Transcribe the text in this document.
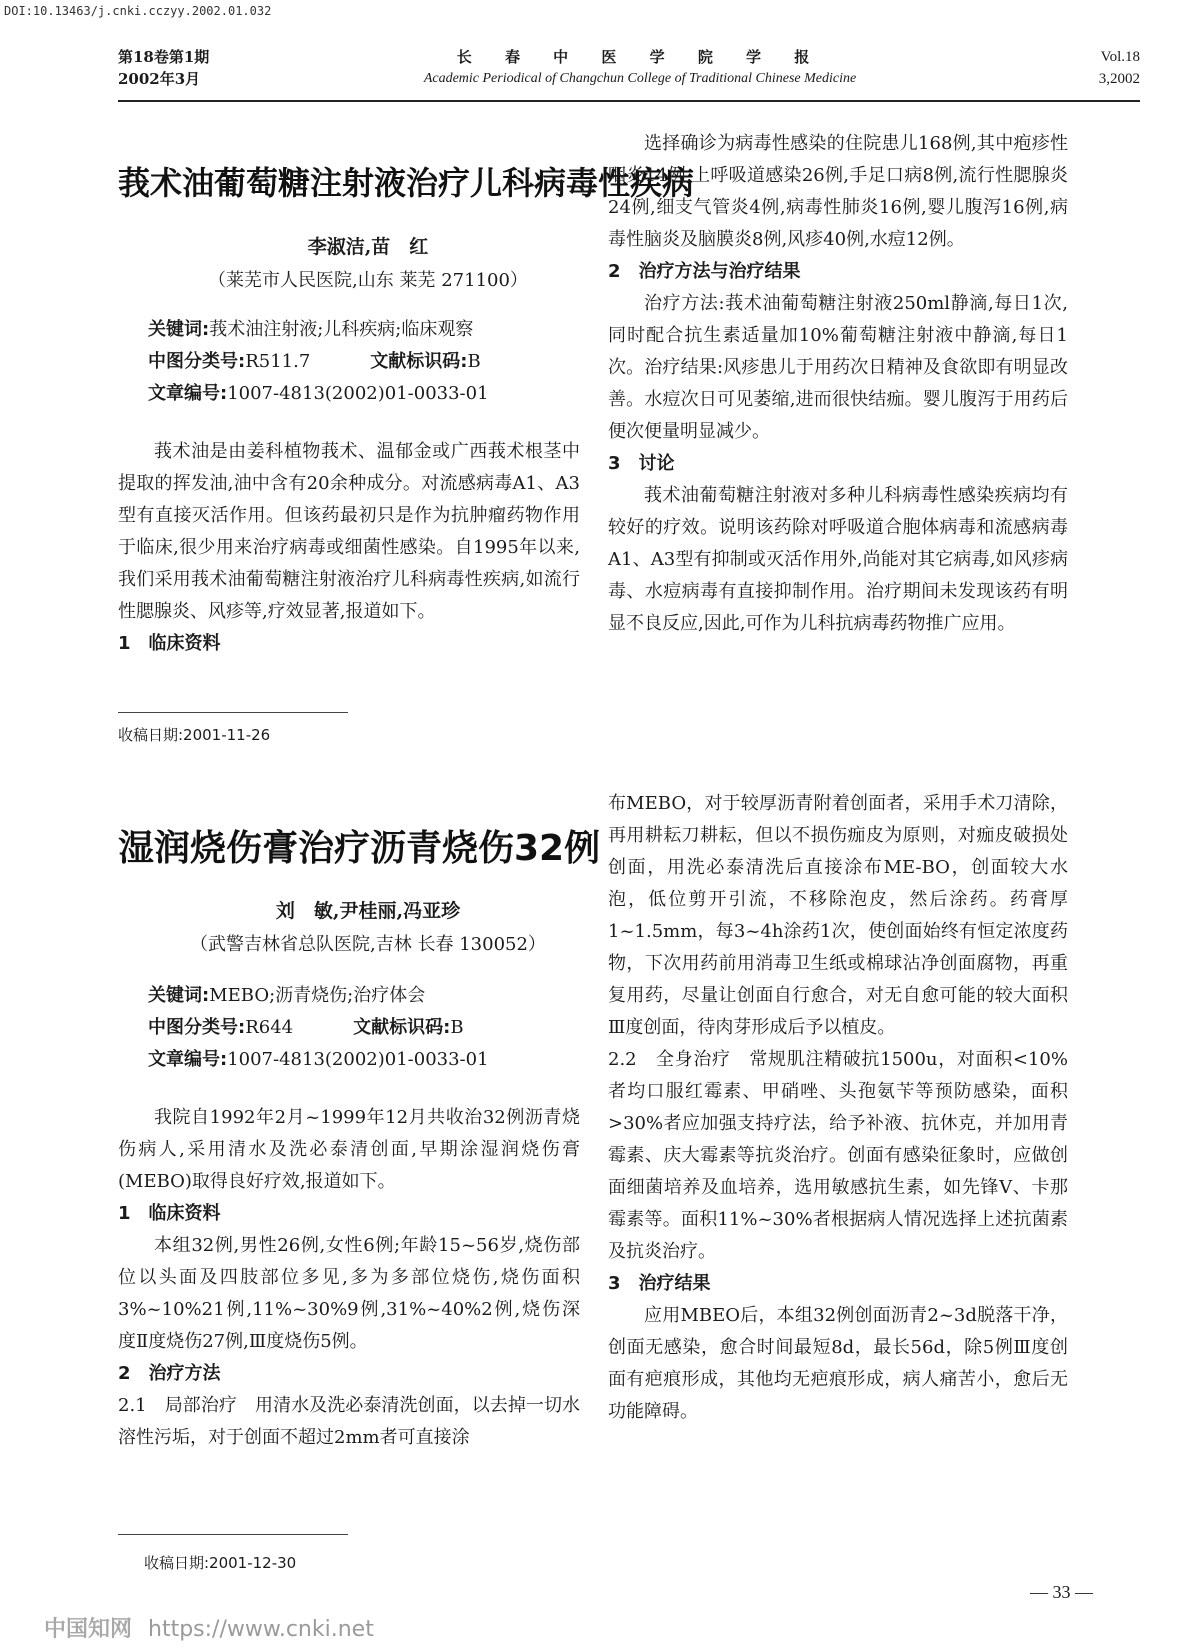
DOI:10.13463/j.cnki.cczyy.2002.01.032
第18卷第1期
2002年3月
长 春 中 医 学 院 学 报
Academic Periodical of Changchun College of Traditional Chinese Medicine
Vol.18
3,2002
莪术油葡萄糖注射液治疗儿科病毒性疾病
李淑洁,苗　红
（莱芜市人民医院,山东 莱芜 271100）
关键词:莪术油注射液;儿科疾病;临床观察
中图分类号:R511.7	文献标识码:B
文章编号:1007-4813(2002)01-0033-01

莪术油是由姜科植物莪术、温郁金或广西莪术根茎中提取的挥发油,油中含有20余种成分。对流感病毒A1、A3型有直接灭活作用。但该药最初只是作为抗肿瘤药物作用于临床,很少用来治疗病毒或细菌性感染。自1995年以来,我们采用莪术油葡萄糖注射液治疗儿科病毒性疾病,如流行性腮腺炎、风疹等,疗效显著,报道如下。

1　临床资料
收稿日期:2001-11-26

选择确诊为病毒性感染的住院患儿168例,其中疱疹性咽炎14例,上呼吸道感染26例,手足口病8例,流行性腮腺炎24例,细支气管炎4例,病毒性肺炎16例,婴儿腹泻16例,病毒性脑炎及脑膜炎8例,风疹40例,水痘12例。

2　治疗方法与治疗结果

治疗方法:莪术油葡萄糖注射液250ml静滴,每日1次,同时配合抗生素适量加10%葡萄糖注射液中静滴,每日1次。治疗结果:风疹患儿于用药次日精神及食欲即有明显改善。水痘次日可见萎缩,进而很快结痂。婴儿腹泻于用药后便次便量明显减少。

3　讨论

莪术油葡萄糖注射液对多种儿科病毒性感染疾病均有较好的疗效。说明该药除对呼吸道合胞体病毒和流感病毒A1、A3型有抑制或灭活作用外,尚能对其它病毒,如风疹病毒、水痘病毒有直接抑制作用。治疗期间未发现该药有明显不良反应,因此,可作为儿科抗病毒药物推广应用。

湿润烧伤膏治疗沥青烧伤32例
刘　敏,尹桂丽,冯亚珍
（武警吉林省总队医院,吉林 长春 130052）
关键词:MEBO;沥青烧伤;治疗体会
中图分类号:R644	文献标识码:B
文章编号:1007-4813(2002)01-0033-01

我院自1992年2月~1999年12月共收治32例沥青烧伤病人,采用清水及洗必泰清创面,早期涂湿润烧伤膏(MEBO)取得良好疗效,报道如下。

1　临床资料

本组32例,男性26例,女性6例;年龄15~56岁,烧伤部位以头面及四肢部位多见,多为多部位烧伤,烧伤面积3%~10%21例,11%~30%9例,31%~40%2例,烧伤深度Ⅱ度烧伤27例,Ⅲ度烧伤5例。

2　治疗方法

2.1　局部治疗　用清水及洗必泰清洗创面，以去掉一切水溶性污垢，对于创面不超过2mm者可直接涂

收稿日期:2001-12-30

布MEBO，对于较厚沥青附着创面者，采用手术刀清除，再用耕耘刀耕耘，但以不损伤痂皮为原则，对痂皮破损处创面，用洗必泰清洗后直接涂布ME-BO，创面较大水泡，低位剪开引流，不移除泡皮，然后涂药。药膏厚1~1.5mm，每3~4h涂药1次，使创面始终有恒定浓度药物，下次用药前用消毒卫生纸或棉球沾净创面腐物，再重复用药，尽量让创面自行愈合，对无自愈可能的较大面积Ⅲ度创面，待肉芽形成后予以植皮。

2.2　全身治疗　常规肌注精破抗1500u，对面积<10%者均口服红霉素、甲硝唑、头孢氨苄等预防感染，面积>30%者应加强支持疗法，给予补液、抗休克，并加用青霉素、庆大霉素等抗炎治疗。创面有感染征象时，应做创面细菌培养及血培养，选用敏感抗生素，如先锋Ⅴ、卡那霉素等。面积11%~30%者根据病人情况选择上述抗菌素及抗炎治疗。

3　治疗结果

应用MBEO后，本组32例创面沥青2~3d脱落干净，创面无感染，愈合时间最短8d，最长56d，除5例Ⅲ度创面有疤痕形成，其他均无疤痕形成，病人痛苦小，愈后无功能障碍。

— 33 —
中国知网 https://www.cnki.net
